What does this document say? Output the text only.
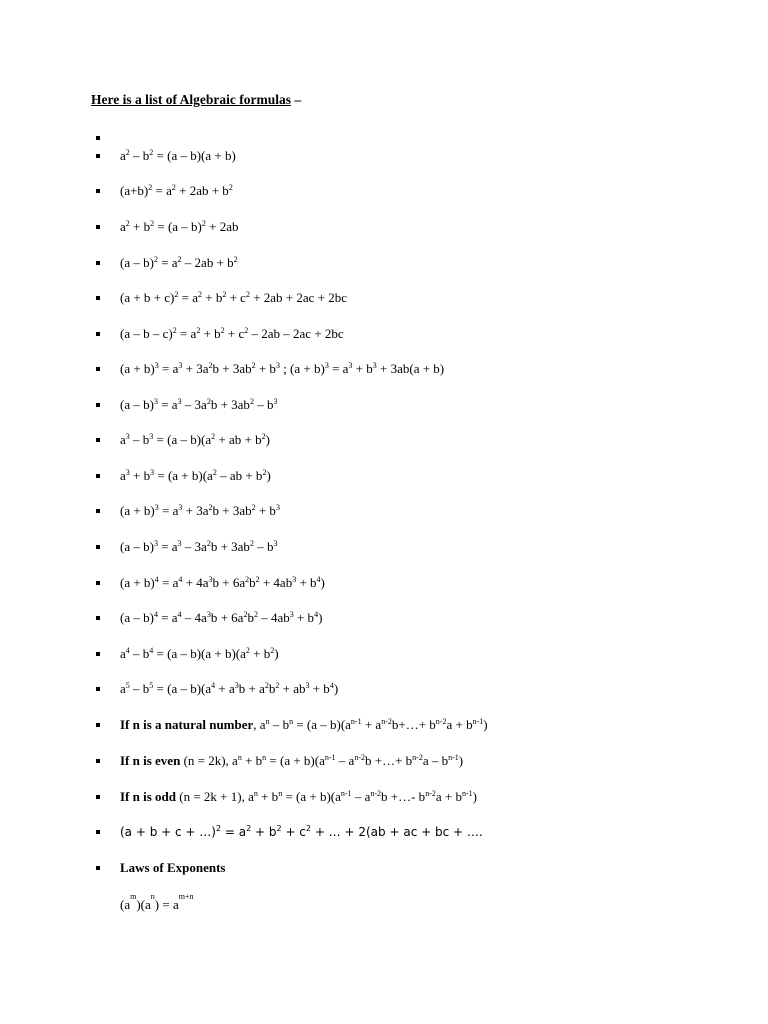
Here is a list of Algebraic formulas –
$a^2 - b^2 = (a - b)(a + b)$
$(a+b)^2 = a^2 + 2ab + b^2$
$a^2 + b^2 = (a - b)^2 + 2ab$
$(a - b)^2 = a^2 - 2ab + b^2$
$(a + b + c)^2 = a^2 + b^2 + c^2 + 2ab + 2ac + 2bc$
$(a - b - c)^2 = a^2 + b^2 + c^2 - 2ab - 2ac + 2bc$
$(a + b)^3 = a^3 + 3a^2b + 3ab^2 + b^3$ ; $(a + b)^3 = a^3 + b^3 + 3ab(a + b)$
$(a - b)^3 = a^3 - 3a^2b + 3ab^2 - b^3$
$a^3 - b^3 = (a - b)(a^2$ + ab + $b^2$)
$a^3 + b^3 = (a + b)(a^2$ – ab + $b^2$)
$(a + b)^3 = a^3 + 3a^2b + 3ab^2 + b^3$
$(a - b)^3 = a^3 - 3a^2b + 3ab^2 - b^3$
$(a + b)^4 = a^4 + 4a^3b + 6a^2b^2 + 4ab^3 + b^4$)
$(a - b)^4 = a^4 - 4a^3b + 6a^2b^2 - 4ab^3 + b^4$)
$a^4 - b^4 = (a - b)(a + b)(a^2 + b^2)$
$a^5 - b^5 = (a - b)(a^4 + a^3b + a^2b^2 + ab^3 + b^4)$
If n is a natural number, $a^n - b^n = (a - b)(a^{n-1}$ + $a^{n-2}b+\dots+ b^{n-2}a + b^{n-1}$)
If n is even (n = 2k), $a^n + b^n = (a + b)(a^{n-1} - a^{n-2}b$ +…+ $b^{n-2}a - b^{n-1}$)
If n is odd (n = 2k + 1), $a^n + b^n = (a + b)(a^{n-1} - a^{n-2}b$ +…- $b^{n-2}a + b^{n-1}$)
(a + b + c + …)$^2$ = $a^2 + b^2 + c^2$ + … + 2(ab + ac + bc + ….
Laws of Exponents
$(a^m)(a^n) = a^{m+n}$
